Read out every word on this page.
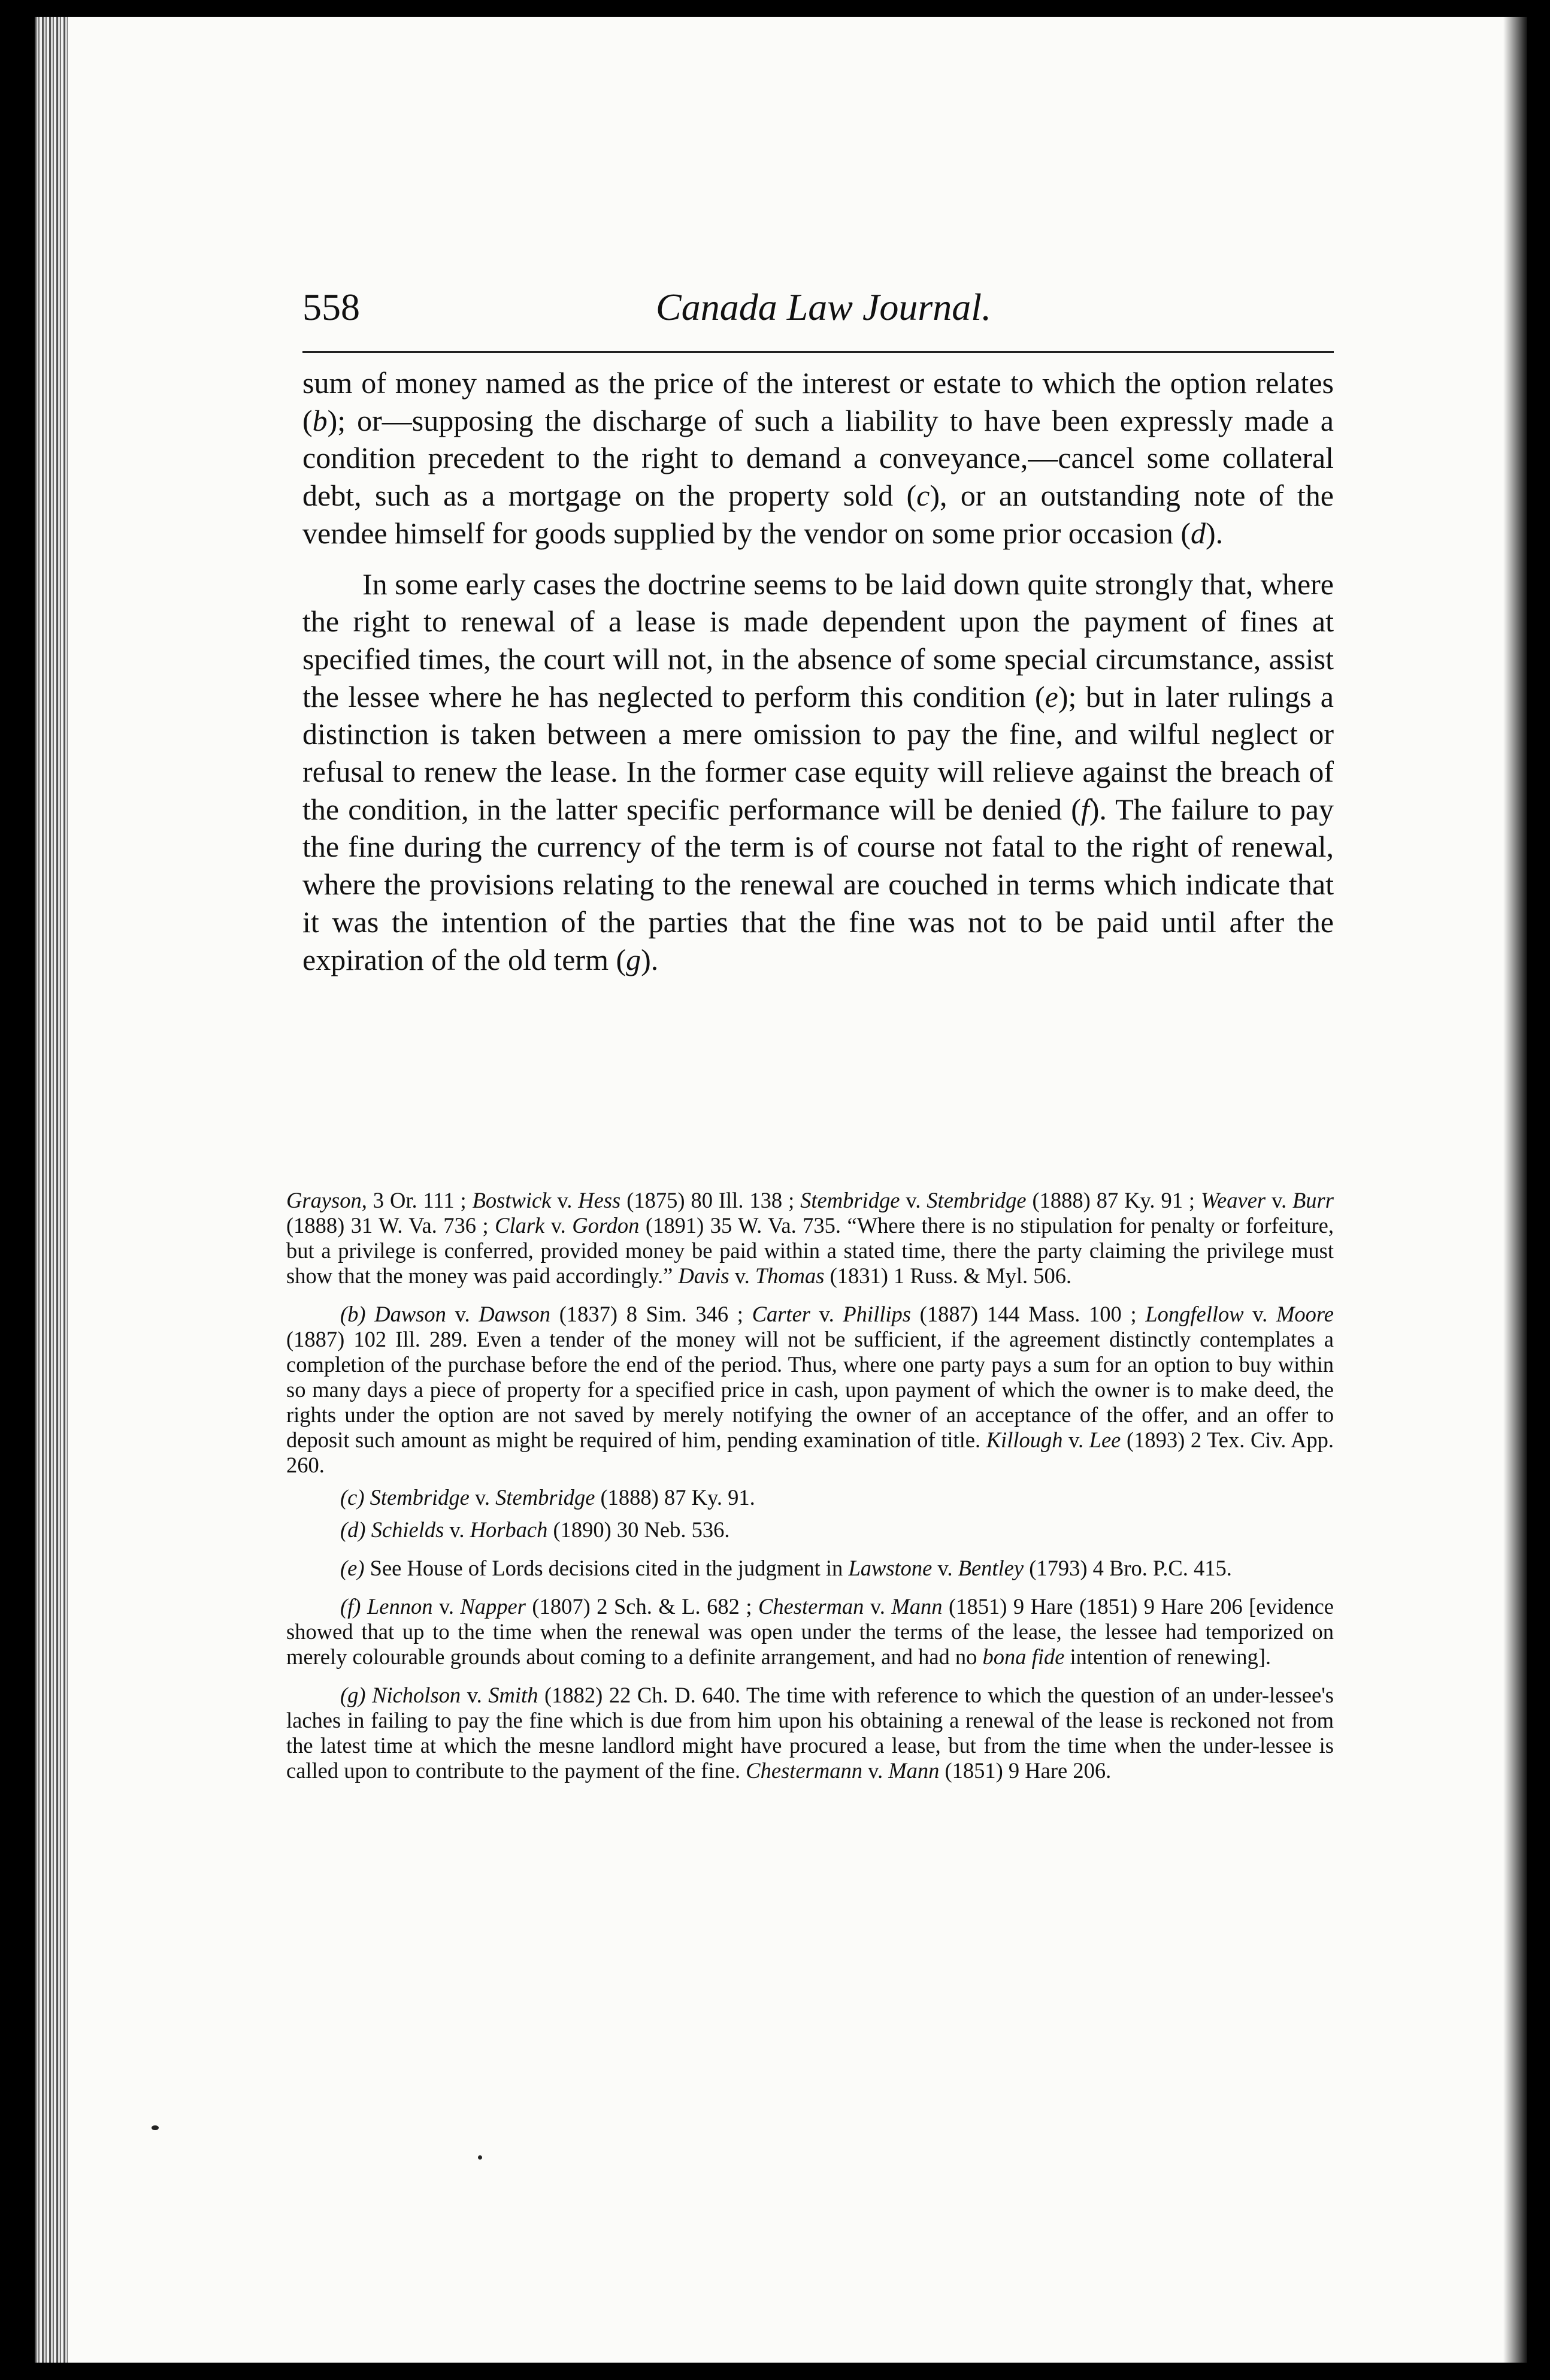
558	Canada Law Journal.

sum of money named as the price of the interest or estate to which the option relates (b); or—supposing the discharge of such a liability to have been expressly made a condition precedent to the right to demand a conveyance,—cancel some collateral debt, such as a mortgage on the property sold (c), or an outstanding note of the vendee himself for goods supplied by the vendor on some prior occasion (d).

In some early cases the doctrine seems to be laid down quite strongly that, where the right to renewal of a lease is made dependent upon the payment of fines at specified times, the court will not, in the absence of some special circumstance, assist the lessee where he has neglected to perform this condition (e); but in later rulings a distinction is taken between a mere omission to pay the fine, and wilful neglect or refusal to renew the lease. In the former case equity will relieve against the breach of the condition, in the latter specific performance will be denied (f). The failure to pay the fine during the currency of the term is of course not fatal to the right of renewal, where the provisions relating to the renewal are couched in terms which indicate that it was the intention of the parties that the fine was not to be paid until after the expiration of the old term (g).

Grayson, 3 Or. 111 ; Bostwick v. Hess (1875) 80 Ill. 138 ; Stembridge v. Stembridge (1888) 87 Ky. 91 ; Weaver v. Burr (1888) 31 W. Va. 736 ; Clark v. Gordon (1891) 35 W. Va. 735. “Where there is no stipulation for penalty or forfeiture, but a privilege is conferred, provided money be paid within a stated time, there the party claiming the privilege must show that the money was paid accordingly.” Davis v. Thomas (1831) 1 Russ. & Myl. 506.

(b) Dawson v. Dawson (1837) 8 Sim. 346 ; Carter v. Phillips (1887) 144 Mass. 100 ; Longfellow v. Moore (1887) 102 Ill. 289. Even a tender of the money will not be sufficient, if the agreement distinctly contemplates a completion of the purchase before the end of the period. Thus, where one party pays a sum for an option to buy within so many days a piece of property for a specified price in cash, upon payment of which the owner is to make deed, the rights under the option are not saved by merely notifying the owner of an acceptance of the offer, and an offer to deposit such amount as might be required of him, pending examination of title. Killough v. Lee (1893) 2 Tex. Civ. App. 260.

(c) Stembridge v. Stembridge (1888) 87 Ky. 91.

(d) Schields v. Horbach (1890) 30 Neb. 536.

(e) See House of Lords decisions cited in the judgment in Lawstone v. Bentley (1793) 4 Bro. P.C. 415.

(f) Lennon v. Napper (1807) 2 Sch. & L. 682 ; Chesterman v. Mann (1851) 9 Hare (1851) 9 Hare 206 [evidence showed that up to the time when the renewal was open under the terms of the lease, the lessee had temporized on merely colourable grounds about coming to a definite arrangement, and had no bona fide intention of renewing].

(g) Nicholson v. Smith (1882) 22 Ch. D. 640. The time with reference to which the question of an under-lessee's laches in failing to pay the fine which is due from him upon his obtaining a renewal of the lease is reckoned not from the latest time at which the mesne landlord might have procured a lease, but from the time when the under-lessee is called upon to contribute to the payment of the fine. Chestermann v. Mann (1851) 9 Hare 206.
